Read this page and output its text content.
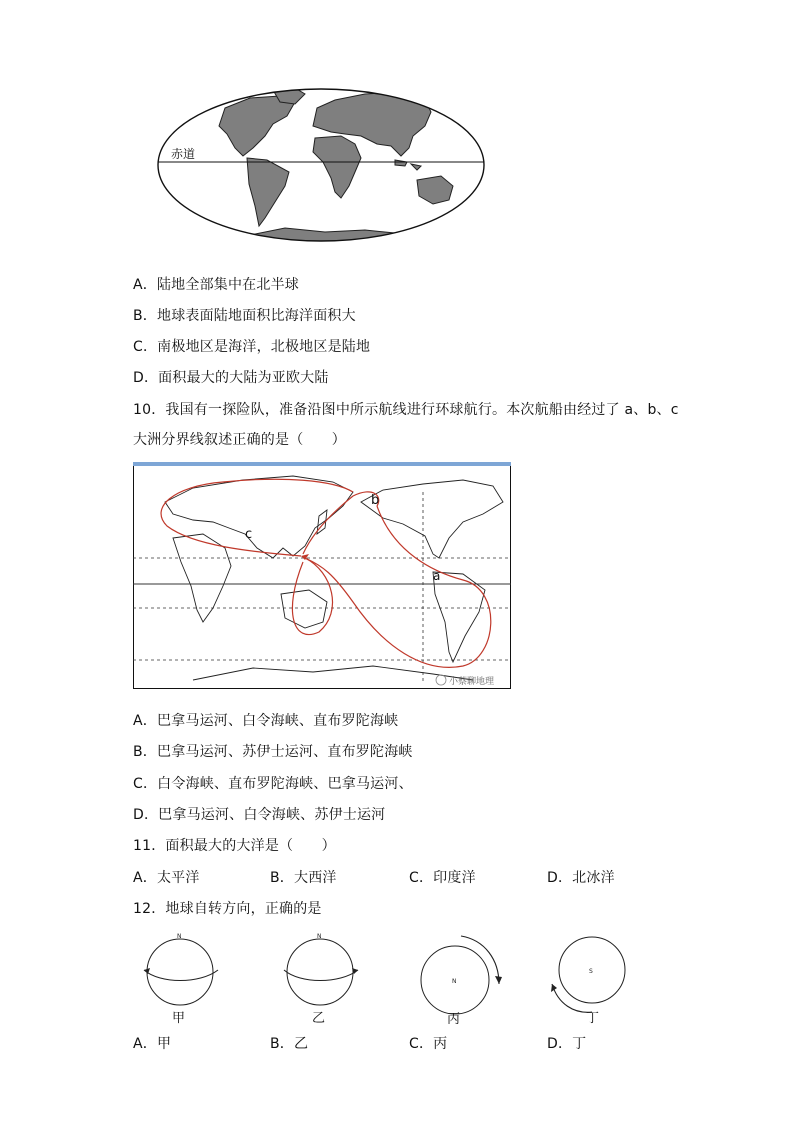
赤道
A．陆地全部集中在北半球
B．地球表面陆地面积比海洋面积大
C．南极地区是海洋，北极地区是陆地
D．面积最大的大陆为亚欧大陆
10．我国有一探险队，准备沿图中所示航线进行环球航行。本次航船由经过了 a、b、c
大洲分界线叙述正确的是（　　）
c
b
a
小蔡聊地理
A．巴拿马运河、白令海峡、直布罗陀海峡
B．巴拿马运河、苏伊士运河、直布罗陀海峡
C．白令海峡、直布罗陀海峡、巴拿马运河、
D．巴拿马运河、白令海峡、苏伊士运河
11．面积最大的大洋是（　　）
A．太平洋	B．大西洋	C．印度洋	D．北冰洋
12．地球自转方向，正确的是
N
甲
N
乙
N
丙
S
丁
A．甲	B．乙	C．丙	D．丁
